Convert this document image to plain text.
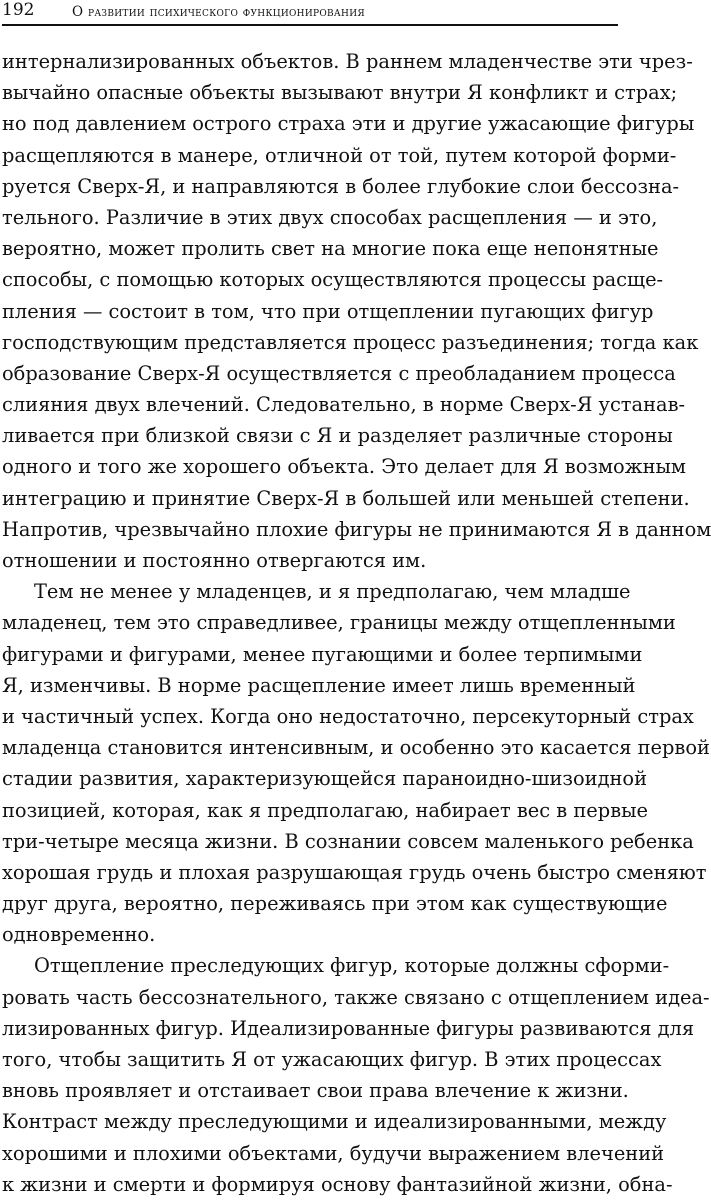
192	О развитии психического функционирования
интернализированных объектов. В раннем младенчестве эти чрез-
вычайно опасные объекты вызывают внутри Я конфликт и страх;
но под давлением острого страха эти и другие ужасающие фигуры
расщепляются в манере, отличной от той, путем которой форми-
руется Сверх-Я, и направляются в более глубокие слои бессозна-
тельного. Различие в этих двух способах расщепления — и это,
вероятно, может пролить свет на многие пока еще непонятные
способы, с помощью которых осуществляются процессы расще-
пления — состоит в том, что при отщеплении пугающих фигур
господствующим представляется процесс разъединения; тогда как
образование Сверх-Я осуществляется с преобладанием процесса
слияния двух влечений. Следовательно, в норме Сверх-Я устанав-
ливается при близкой связи с Я и разделяет различные стороны
одного и того же хорошего объекта. Это делает для Я возможным
интеграцию и принятие Сверх-Я в большей или меньшей степени.
Напротив, чрезвычайно плохие фигуры не принимаются Я в данном
отношении и постоянно отвергаются им.
Тем не менее у младенцев, и я предполагаю, чем младше
младенец, тем это справедливее, границы между отщепленными
фигурами и фигурами, менее пугающими и более терпимыми
Я, изменчивы. В норме расщепление имеет лишь временный
и частичный успех. Когда оно недостаточно, персекуторный страх
младенца становится интенсивным, и особенно это касается первой
стадии развития, характеризующейся параноидно-шизоидной
позицией, которая, как я предполагаю, набирает вес в первые
три-четыре месяца жизни. В сознании совсем маленького ребенка
хорошая грудь и плохая разрушающая грудь очень быстро сменяют
друг друга, вероятно, переживаясь при этом как существующие
одновременно.
Отщепление преследующих фигур, которые должны сформи-
ровать часть бессознательного, также связано с отщеплением идеа-
лизированных фигур. Идеализированные фигуры развиваются для
того, чтобы защитить Я от ужасающих фигур. В этих процессах
вновь проявляет и отстаивает свои права влечение к жизни.
Контраст между преследующими и идеализированными, между
хорошими и плохими объектами, будучи выражением влечений
к жизни и смерти и формируя основу фантазийной жизни, обна-
